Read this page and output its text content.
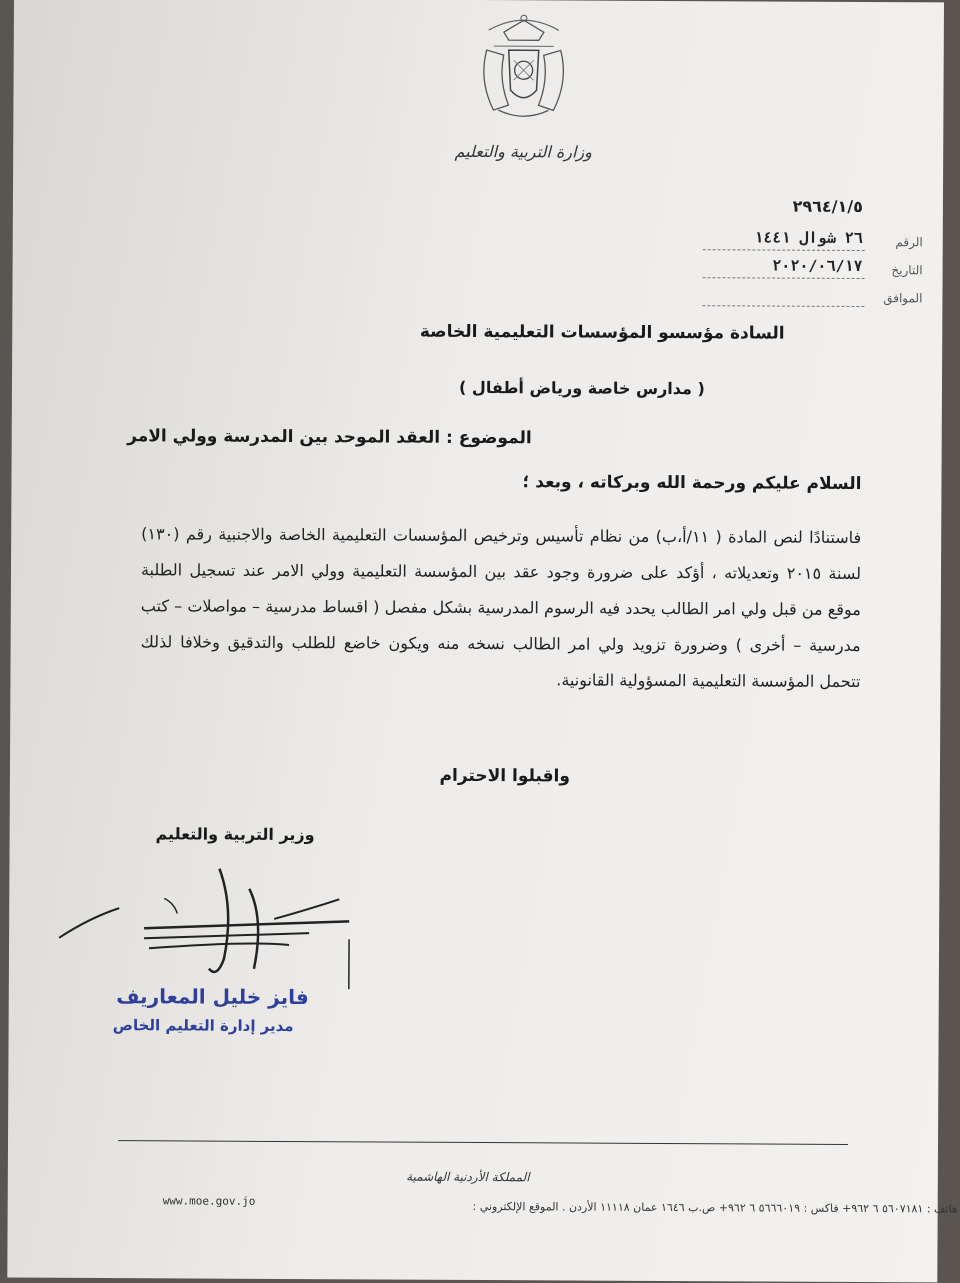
وزارة التربية والتعليم
٢٩٦٤/١/٥
الرقم
٢٦ شوال ١٤٤١
التاريخ
٢٠٢٠/٠٦/١٧
الموافق
السادة مؤسسو المؤسسات التعليمية الخاصة
( مدارس خاصة ورياض أطفال )
الموضوع : العقد الموحد بين المدرسة وولي الامر
السلام عليكم ورحمة الله وبركاته ، وبعد ؛
فاستنادًا لنص المادة ( ١١/أ،ب) من نظام تأسيس وترخيص المؤسسات التعليمية الخاصة والاجنبية رقم (١٣٠) لسنة ٢٠١٥ وتعديلاته ، أؤكد على ضرورة وجود عقد بين المؤسسة التعليمية وولي الامر عند تسجيل الطلبة موقع من قبل ولي امر الطالب يحدد فيه الرسوم المدرسية بشكل مفصل ( اقساط مدرسية – مواصلات – كتب مدرسية – أخرى ) وضرورة تزويد ولي امر الطالب نسخه منه ويكون خاضع للطلب والتدقيق وخلافا لذلك تتحمل المؤسسة التعليمية المسؤولية القانونية.
واقبلوا الاحترام
وزير التربية والتعليم
فايز خليل المعاريف
مدير إدارة التعليم الخاص
المملكة الأردنية الهاشمية
هاتف : ٥٦٠٧١٨١ ٦ ٩٦٢+ فاكس : ٥٦٦٦٠١٩ ٦ ٩٦٢+ ص.ب ١٦٤٦ عمان ١١١١٨ الأردن . الموقع الإلكتروني :
www.moe.gov.jo
